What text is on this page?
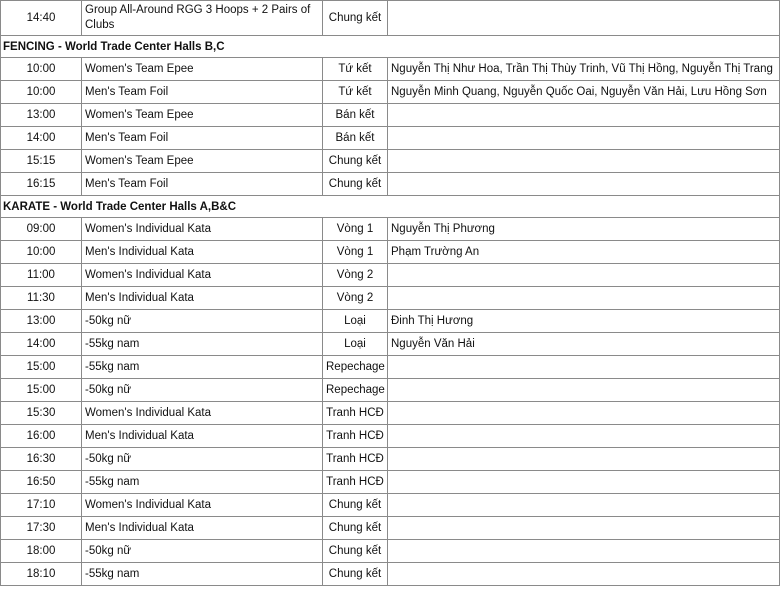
14:40	Group All-Around RGG 3 Hoops + 2 Pairs of Clubs	Chung kết	
FENCING - World Trade Center Halls B,C			
10:00	Women's Team Epee	Tứ kết	Nguyễn Thị Như Hoa, Trần Thị Thùy Trinh, Vũ Thị Hồng, Nguyễn Thị Trang
10:00	Men's Team Foil	Tứ kết	Nguyễn Minh Quang, Nguyễn Quốc Oai, Nguyễn Văn Hải, Lưu Hồng Sơn
13:00	Women's Team Epee	Bán kết	
14:00	Men's Team Foil	Bán kết	
15:15	Women's Team Epee	Chung kết	
16:15	Men's Team Foil	Chung kết	
KARATE - World Trade Center Halls A,B&C			
09:00	Women's Individual Kata	Vòng 1	Nguyễn Thị Phương
10:00	Men's Individual Kata	Vòng 1	Phạm Trường An
11:00	Women's Individual Kata	Vòng 2	
11:30	Men's Individual Kata	Vòng 2	
13:00	-50kg nữ	Loại	Đinh Thị Hương
14:00	-55kg nam	Loại	Nguyễn Văn Hải
15:00	-55kg nam	Repechage	
15:00	-50kg nữ	Repechage	
15:30	Women's Individual Kata	Tranh HCĐ	
16:00	Men's Individual Kata	Tranh HCĐ	
16:30	-50kg nữ	Tranh HCĐ	
16:50	-55kg nam	Tranh HCĐ	
17:10	Women's Individual Kata	Chung kết	
17:30	Men's Individual Kata	Chung kết	
18:00	-50kg nữ	Chung kết	
18:10	-55kg nam	Chung kết	
